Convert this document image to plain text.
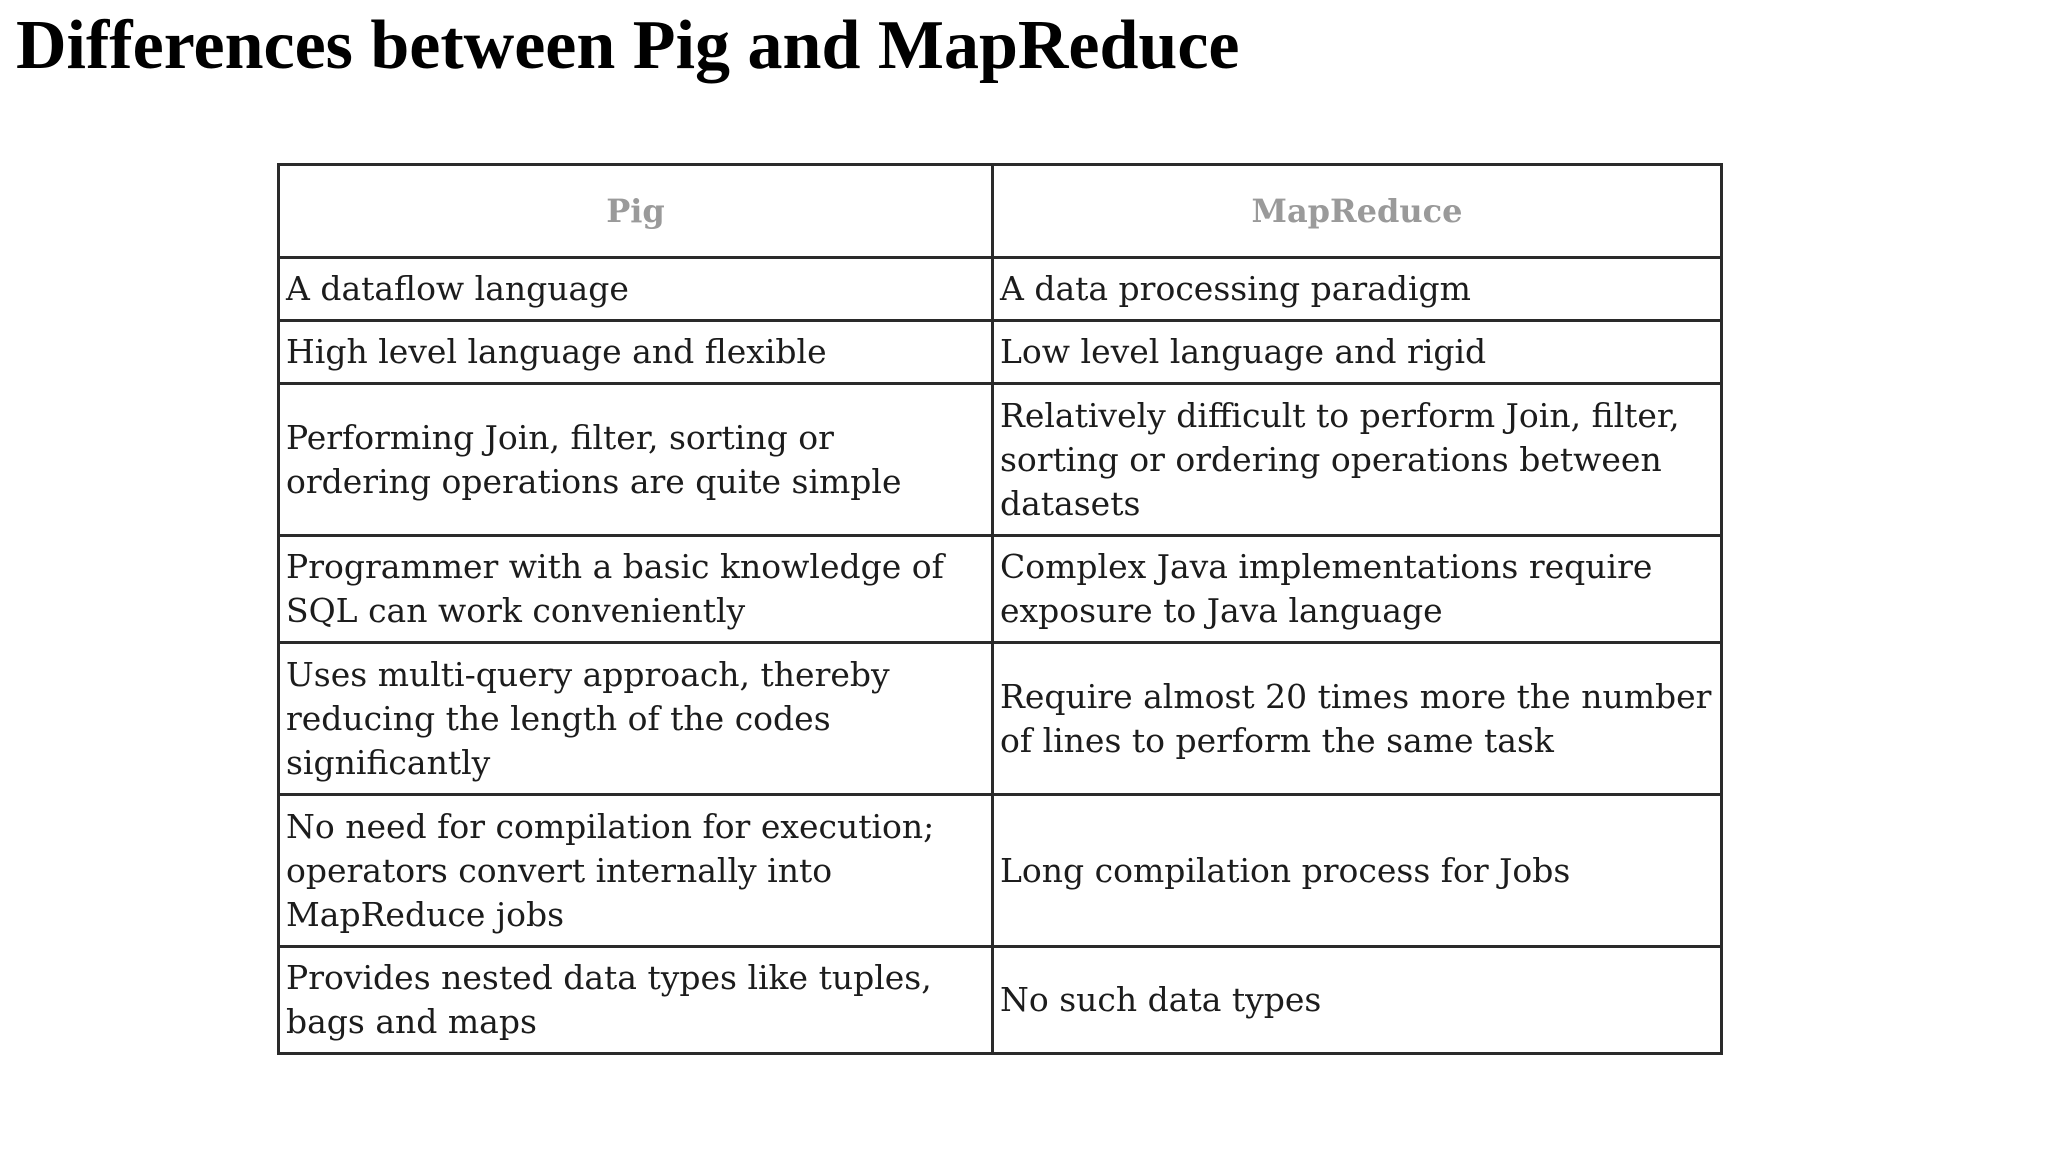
Differences between Pig and MapReduce
Pig	MapReduce
A dataflow language	A data processing paradigm
High level language and flexible	Low level language and rigid
Performing Join, filter, sorting or ordering operations are quite simple	Relatively difficult to perform Join, filter, sorting or ordering operations between datasets
Programmer with a basic knowledge of SQL can work conveniently	Complex Java implementations require exposure to Java language
Uses multi-query approach, thereby reducing the length of the codes significantly	Require almost 20 times more the number of lines to perform the same task
No need for compilation for execution; operators convert internally into MapReduce jobs	Long compilation process for Jobs
Provides nested data types like tuples, bags and maps	No such data types
